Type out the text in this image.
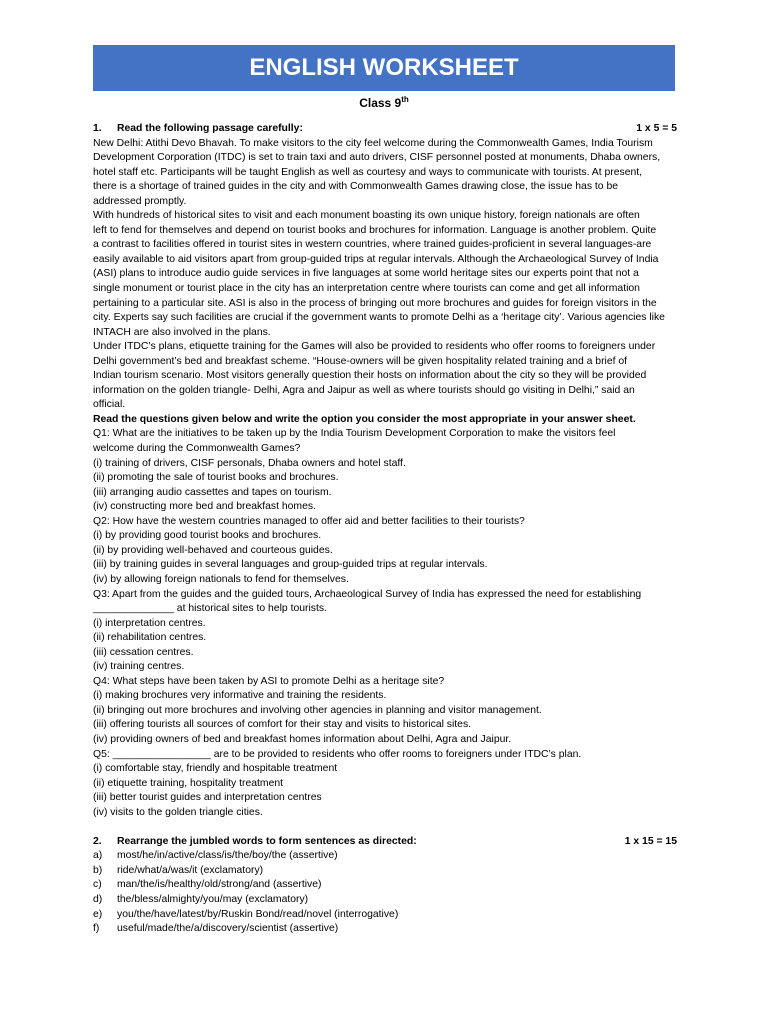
ENGLISH WORKSHEET
Class 9th
1. Read the following passage carefully:	1 x 5 = 5
New Delhi: Atithi Devo Bhavah. To make visitors to the city feel welcome during the Commonwealth Games, India Tourism
Development Corporation (ITDC) is set to train taxi and auto drivers, CISF personnel posted at monuments, Dhaba owners,
hotel staff etc. Participants will be taught English as well as courtesy and ways to communicate with tourists. At present,
there is a shortage of trained guides in the city and with Commonwealth Games drawing close, the issue has to be
addressed promptly.
With hundreds of historical sites to visit and each monument boasting its own unique history, foreign nationals are often
left to fend for themselves and depend on tourist books and brochures for information. Language is another problem. Quite
a contrast to facilities offered in tourist sites in western countries, where trained guides-proficient in several languages-are
easily available to aid visitors apart from group-guided trips at regular intervals. Although the Archaeological Survey of India
(ASI) plans to introduce audio guide services in five languages at some world heritage sites our experts point that not a
single monument or tourist place in the city has an interpretation centre where tourists can come and get all information
pertaining to a particular site. ASI is also in the process of bringing out more brochures and guides for foreign visitors in the
city. Experts say such facilities are crucial if the government wants to promote Delhi as a ‘heritage city’. Various agencies like
INTACH are also involved in the plans.
Under ITDC’s plans, etiquette training for the Games will also be provided to residents who offer rooms to foreigners under
Delhi government’s bed and breakfast scheme. “House-owners will be given hospitality related training and a brief of
Indian tourism scenario. Most visitors generally question their hosts on information about the city so they will be provided
information on the golden triangle- Delhi, Agra and Jaipur as well as where tourists should go visiting in Delhi,” said an
official.
Read the questions given below and write the option you consider the most appropriate in your answer sheet.
Q1: What are the initiatives to be taken up by the India Tourism Development Corporation to make the visitors feel
welcome during the Commonwealth Games?
(i) training of drivers, CISF personals, Dhaba owners and hotel staff.
(ii) promoting the sale of tourist books and brochures.
(iii) arranging audio cassettes and tapes on tourism.
(iv) constructing more bed and breakfast homes.
Q2: How have the western countries managed to offer aid and better facilities to their tourists?
(i) by providing good tourist books and brochures.
(ii) by providing well-behaved and courteous guides.
(iii) by training guides in several languages and group-guided trips at regular intervals.
(iv) by allowing foreign nationals to fend for themselves.
Q3: Apart from the guides and the guided tours, Archaeological Survey of India has expressed the need for establishing
______________ at historical sites to help tourists.
(i) interpretation centres.
(ii) rehabilitation centres.
(iii) cessation centres.
(iv) training centres.
Q4: What steps have been taken by ASI to promote Delhi as a heritage site?
(i) making brochures very informative and training the residents.
(ii) bringing out more brochures and involving other agencies in planning and visitor management.
(iii) offering tourists all sources of comfort for their stay and visits to historical sites.
(iv) providing owners of bed and breakfast homes information about Delhi, Agra and Jaipur.
Q5: _________________ are to be provided to residents who offer rooms to foreigners under ITDC’s plan.
(i) comfortable stay, friendly and hospitable treatment
(ii) etiquette training, hospitality treatment
(iii) better tourist guides and interpretation centres
(iv) visits to the golden triangle cities.
2. Rearrange the jumbled words to form sentences as directed:	1 x 15 = 15
a)	most/he/in/active/class/is/the/boy/the (assertive)
b)	ride/what/a/was/it (exclamatory)
c)	man/the/is/healthy/old/strong/and (assertive)
d)	the/bless/almighty/you/may (exclamatory)
e)	you/the/have/latest/by/Ruskin Bond/read/novel (interrogative)
f)	useful/made/the/a/discovery/scientist (assertive)
